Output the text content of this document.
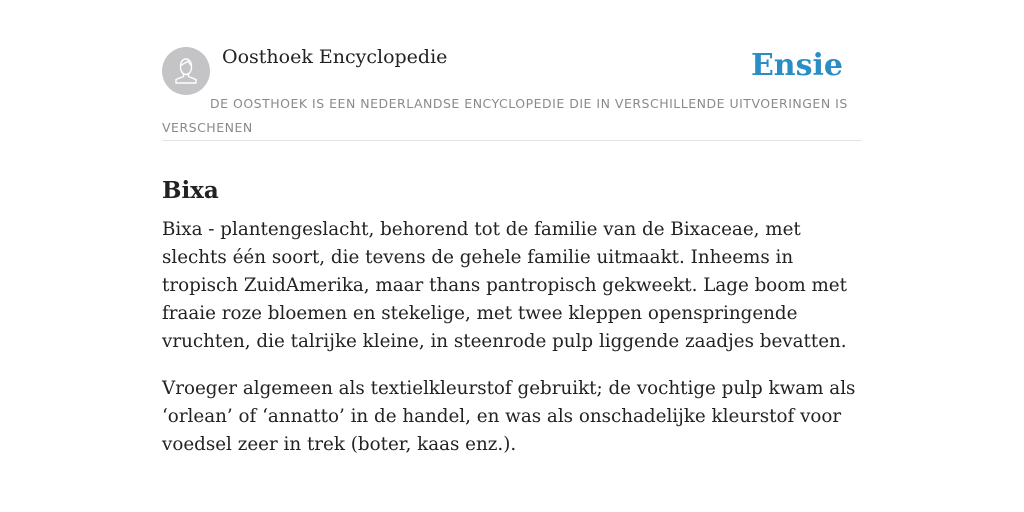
Oosthoek Encyclopedie	Ensie
DE OOSTHOEK IS EEN NEDERLANDSE ENCYCLOPEDIE DIE IN VERSCHILLENDE UITVOERINGEN IS VERSCHENEN
Bixa

Bixa - plantengeslacht, behorend tot de familie van de Bixaceae, met slechts één soort, die tevens de gehele familie uitmaakt. Inheems in tropisch ZuidAmerika, maar thans pantropisch gekweekt. Lage boom met fraaie roze bloemen en stekelige, met twee kleppen openspringende vruchten, die talrijke kleine, in steenrode pulp liggende zaadjes bevatten.

Vroeger algemeen als textielkleurstof gebruikt; de vochtige pulp kwam als ‘orlean’ of ‘annatto’ in de handel, en was als onschadelijke kleurstof voor voedsel zeer in trek (boter, kaas enz.).
